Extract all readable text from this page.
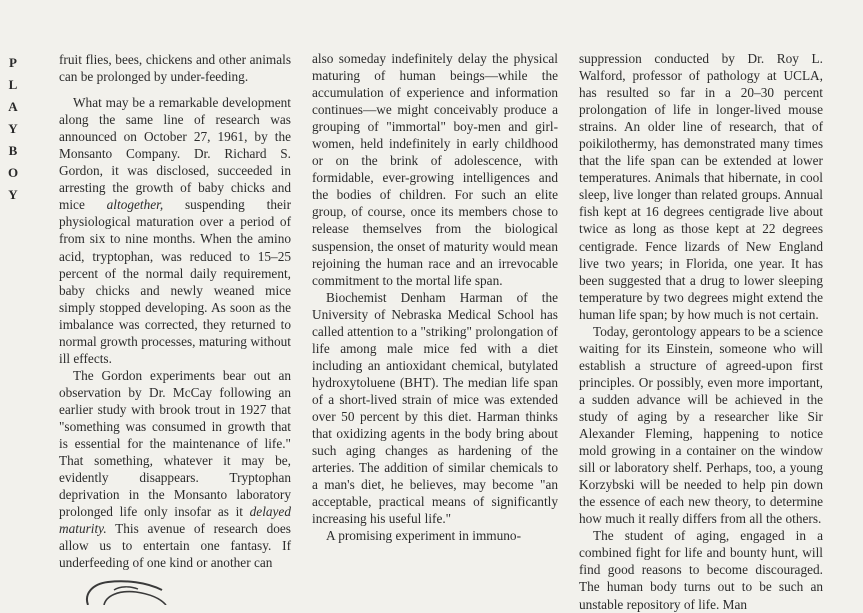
P
L
A
Y
B
O
Y

fruit flies, bees, chickens and other animals can be prolonged by under-feeding.

What may be a remarkable development along the same line of research was announced on October 27, 1961, by the Monsanto Company. Dr. Richard S. Gordon, it was disclosed, succeeded in arresting the growth of baby chicks and mice altogether, suspending their physiological maturation over a period of from six to nine months. When the amino acid, tryptophan, was reduced to 15–25 percent of the normal daily requirement, baby chicks and newly weaned mice simply stopped developing. As soon as the imbalance was corrected, they returned to normal growth processes, maturing without ill effects.

The Gordon experiments bear out an observation by Dr. McCay following an earlier study with brook trout in 1927 that "something was consumed in growth that is essential for the maintenance of life." That something, whatever it may be, evidently disappears. Tryptophan deprivation in the Monsanto laboratory prolonged life only insofar as it delayed maturity. This avenue of research does allow us to entertain one fantasy. If underfeeding of one kind or another can

also someday indefinitely delay the physical maturing of human beings—while the accumulation of experience and information continues—we might conceivably produce a grouping of "immortal" boy-men and girl-women, held indefinitely in early childhood or on the brink of adolescence, with formidable, ever-growing intelligences and the bodies of children. For such an elite group, of course, once its members chose to release themselves from the biological suspension, the onset of maturity would mean rejoining the human race and an irrevocable commitment to the mortal life span.

Biochemist Denham Harman of the University of Nebraska Medical School has called attention to a "striking" prolongation of life among male mice fed with a diet including an antioxidant chemical, butylated hydroxytoluene (BHT). The median life span of a short-lived strain of mice was extended over 50 percent by this diet. Harman thinks that oxidizing agents in the body bring about such aging changes as hardening of the arteries. The addition of similar chemicals to a man's diet, he believes, may become "an acceptable, practical means of significantly increasing his useful life."

A promising experiment in immuno-

suppression conducted by Dr. Roy L. Walford, professor of pathology at UCLA, has resulted so far in a 20–30 percent prolongation of life in longer-lived mouse strains. An older line of research, that of poikilothermy, has demonstrated many times that the life span can be extended at lower temperatures. Animals that hibernate, in cool sleep, live longer than related groups. Annual fish kept at 16 degrees centigrade live about twice as long as those kept at 22 degrees centigrade. Fence lizards of New England live two years; in Florida, one year. It has been suggested that a drug to lower sleeping temperature by two degrees might extend the human life span; by how much is not certain.

Today, gerontology appears to be a science waiting for its Einstein, someone who will establish a structure of agreed-upon first principles. Or possibly, even more important, a sudden advance will be achieved in the study of aging by a researcher like Sir Alexander Fleming, happening to notice mold growing in a container on the window sill or laboratory shelf. Perhaps, too, a young Korzybski will be needed to help pin down the essence of each new theory, to determine how much it really differs from all the others.

The student of aging, engaged in a combined fight for life and bounty hunt, will find good reasons to become discouraged. The human body turns out to be such an unstable repository of life. Man
